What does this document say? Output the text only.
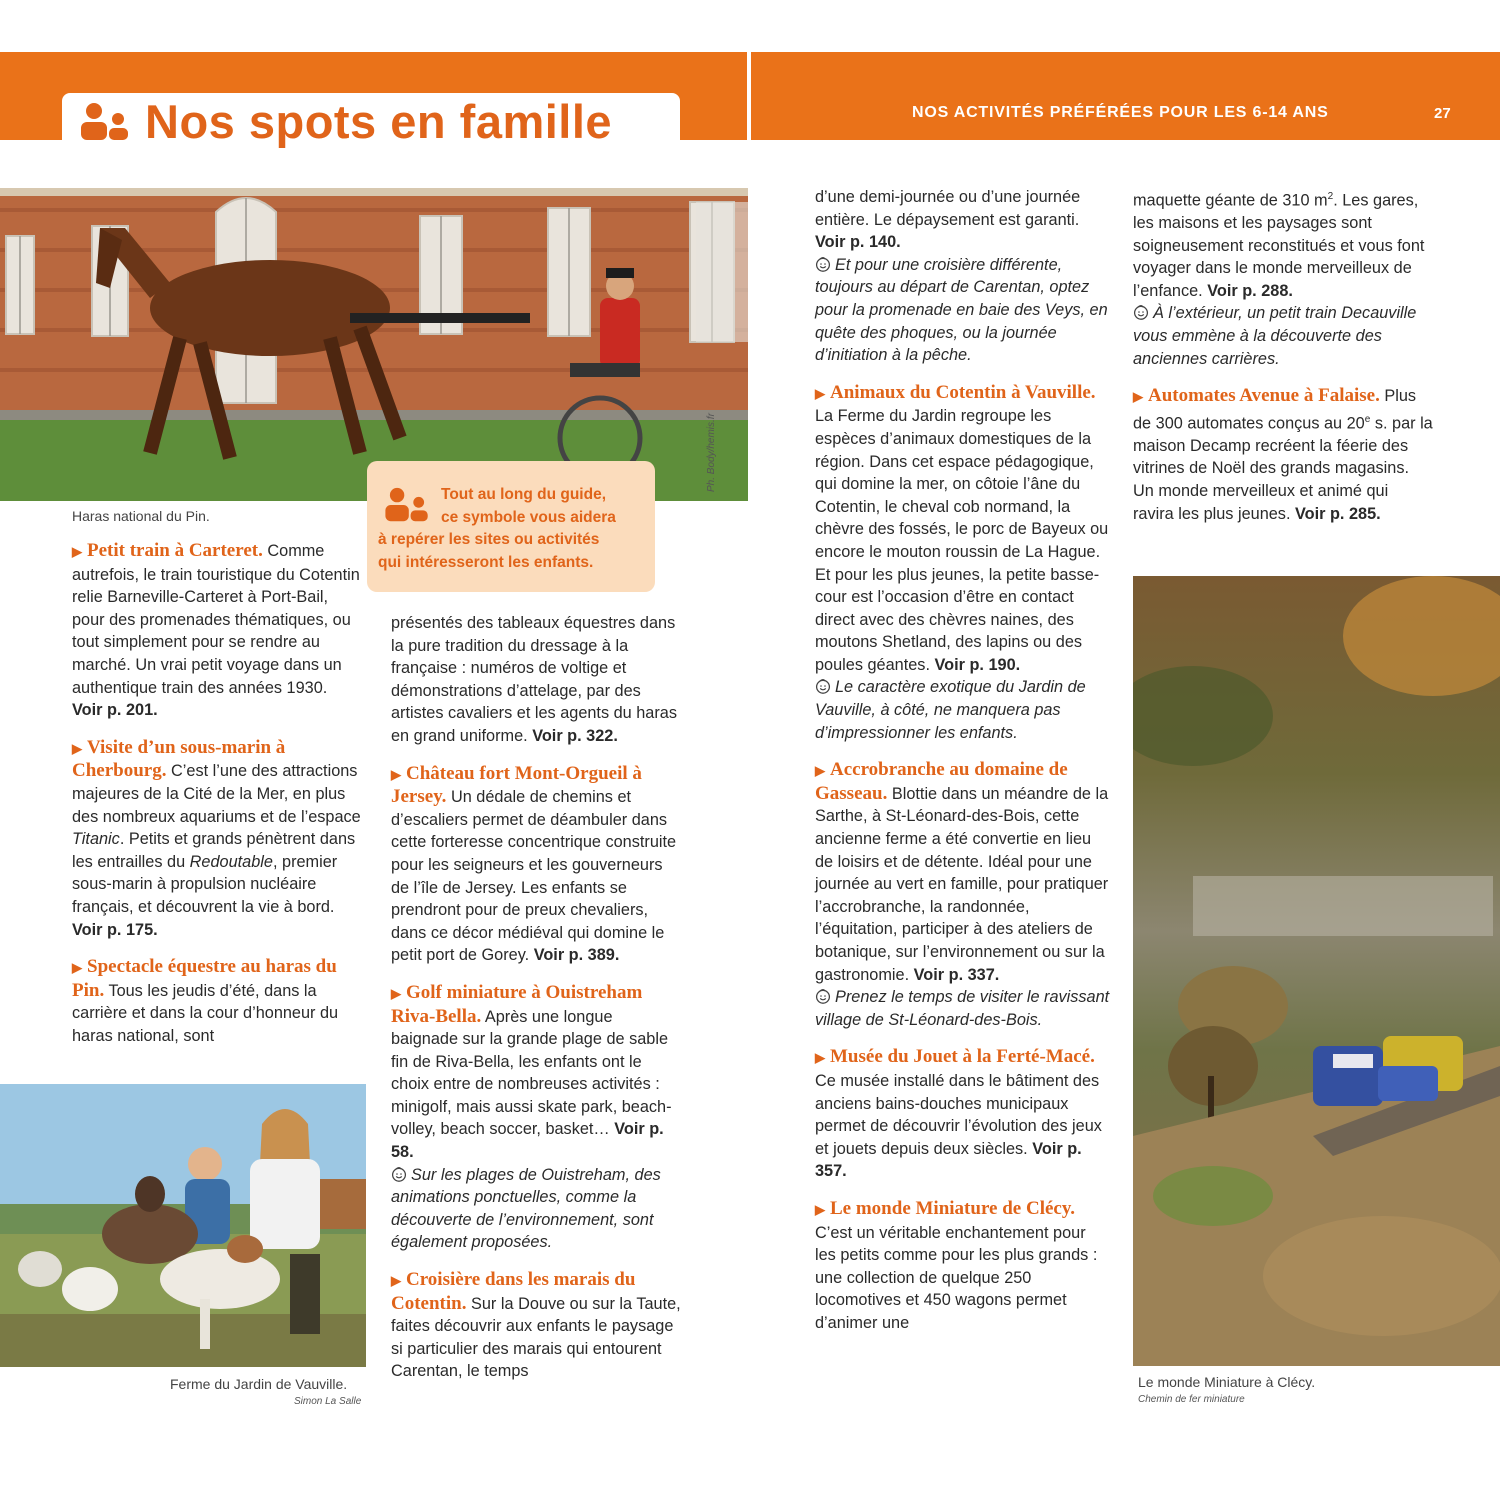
Nos spots en famille	NOS ACTIVITÉS PRÉFÉRÉES POUR LES 6-14 ANS	27
Ph. Body/hemis.fr
Haras national du Pin.
Tout au long du guide,
ce symbole vous aidera
à repérer les sites ou activités
qui intéresseront les enfants.

▶ Petit train à Carteret. Comme autrefois, le train touristique du Cotentin relie Barneville-Carteret à Port-Bail, pour des promenades thématiques, ou tout simplement pour se rendre au marché. Un vrai petit voyage dans un authentique train des années 1930. Voir p. 201.

▶ Visite d’un sous-marin à Cherbourg. C’est l’une des attractions majeures de la Cité de la Mer, en plus des nombreux aquariums et de l’espace Titanic. Petits et grands pénètrent dans les entrailles du Redoutable, premier sous-marin à propulsion nucléaire français, et découvrent la vie à bord. Voir p. 175.

▶ Spectacle équestre au haras du Pin. Tous les jeudis d’été, dans la carrière et dans la cour d’honneur du haras national, sont

Ferme du Jardin de Vauville.
Simon La Salle

présentés des tableaux équestres dans la pure tradition du dressage à la française : numéros de voltige et démonstrations d’attelage, par des artistes cavaliers et les agents du haras en grand uniforme. Voir p. 322.

▶ Château fort Mont-Orgueil à Jersey. Un dédale de chemins et d’escaliers permet de déambuler dans cette forteresse concentrique construite pour les seigneurs et les gouverneurs de l’île de Jersey. Les enfants se prendront pour de preux chevaliers, dans ce décor médiéval qui domine le petit port de Gorey. Voir p. 389.

▶ Golf miniature à Ouistreham Riva-Bella. Après une longue baignade sur la grande plage de sable fin de Riva-Bella, les enfants ont le choix entre de nombreuses activités : minigolf, mais aussi skate park, beach-volley, beach soccer, basket… Voir p. 58.
Sur les plages de Ouistreham, des animations ponctuelles, comme la découverte de l’environnement, sont également proposées.

▶ Croisière dans les marais du Cotentin. Sur la Douve ou sur la Taute, faites découvrir aux enfants le paysage si particulier des marais qui entourent Carentan, le temps

d’une demi-journée ou d’une journée entière. Le dépaysement est garanti.
Voir p. 140.
Et pour une croisière différente, toujours au départ de Carentan, optez pour la promenade en baie des Veys, en quête des phoques, ou la journée d’initiation à la pêche.

▶ Animaux du Cotentin à Vauville. La Ferme du Jardin regroupe les espèces d’animaux domestiques de la région. Dans cet espace pédagogique, qui domine la mer, on côtoie l’âne du Cotentin, le cheval cob normand, la chèvre des fossés, le porc de Bayeux ou encore le mouton roussin de La Hague. Et pour les plus jeunes, la petite basse-cour est l’occasion d’être en contact direct avec des chèvres naines, des moutons Shetland, des lapins ou des poules géantes. Voir p. 190.
Le caractère exotique du Jardin de Vauville, à côté, ne manquera pas d’impressionner les enfants.

▶ Accrobranche au domaine de Gasseau. Blottie dans un méandre de la Sarthe, à St-Léonard-des-Bois, cette ancienne ferme a été convertie en lieu de loisirs et de détente. Idéal pour une journée au vert en famille, pour pratiquer l’accrobranche, la randonnée, l’équitation, participer à des ateliers de botanique, sur l’environnement ou sur la gastronomie. Voir p. 337.
Prenez le temps de visiter le ravissant village de St-Léonard-des-Bois.

▶ Musée du Jouet à la Ferté-Macé. Ce musée installé dans le bâtiment des anciens bains-douches municipaux permet de découvrir l’évolution des jeux et jouets depuis deux siècles. Voir p. 357.

▶ Le monde Miniature de Clécy. C’est un véritable enchantement pour les petits comme pour les plus grands : une collection de quelque 250 locomotives et 450 wagons permet d’animer une

maquette géante de 310 $m^2$. Les gares, les maisons et les paysages sont soigneusement reconstitués et vous font voyager dans le monde merveilleux de l’enfance. Voir p. 288.
À l’extérieur, un petit train Decauville vous emmène à la découverte des anciennes carrières.

▶ Automates Avenue à Falaise. Plus de 300 automates conçus au 20e s. par la maison Decamp recréent la féerie des vitrines de Noël des grands magasins. Un monde merveilleux et animé qui ravira les plus jeunes. Voir p. 285.

Le monde Miniature à Clécy.
Chemin de fer miniature
